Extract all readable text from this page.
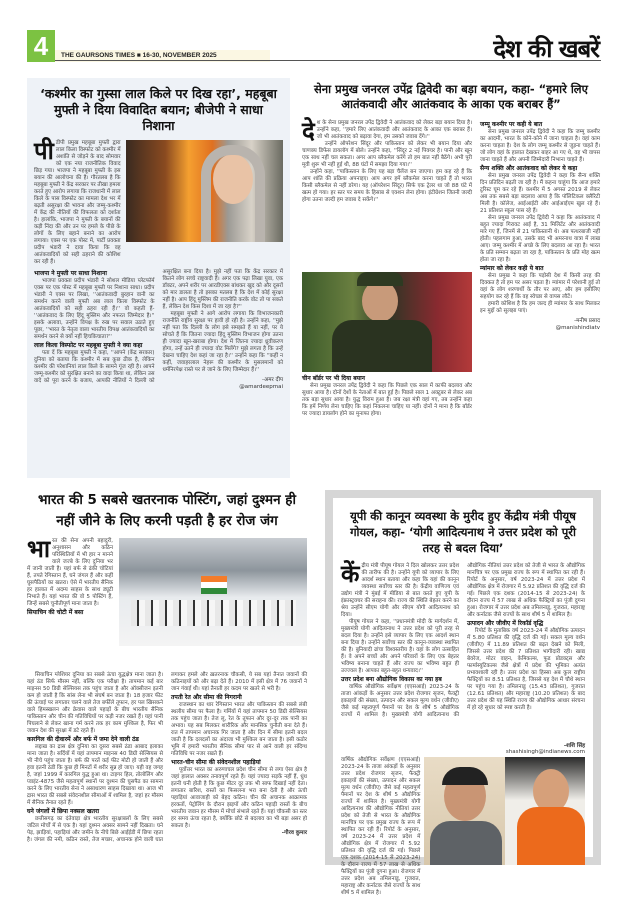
4	THE GAURSONS TIMES ■ 16-30, NOVEMBER 2025	देश की खबरें
‘कश्मीर का गुस्सा लाल किले पर दिख रहा’, महबूबा मुफ्ती ने दिया विवादित बयान; बीजेपी ने साधा निशाना
पीडीपी प्रमुख महबूबा मुफ्ती द्वारा लाल किला विस्फोट को कश्मीर में अशांति से जोड़ने के बाद सोमवार को एक नया राजनीतिक विवाद छिड़ गया। भाजपा ने महबूबा मुफ्ती के इस बयान की आलोचना की है। गौरतलब है कि महबूबा मुफ्ती ने केंद्र सरकार पर तीखा हमला करते हुए आरोप लगाया कि राजधानी में लाल किले के पास विस्फोट का मामला देश भर में बढ़ती असुरक्षा की भावना और जम्मू-कश्मीर में केंद्र की नीतियों की विफलता को दर्शाता है। हालांकि, भाजपा ने मुफ्ती के बयानों की कड़ी निंदा की और उन पर हमले के पीछे के लोगों के लिए बहाने बनाने का आरोप लगाया। एक्स पर एक पोस्ट में, पार्टी प्रवक्ता प्रदीप भंडारी ने दावा किया कि वह आतंकवादियों को सही ठहराने की कोशिश कर रही हैं।
भाजपा ने मुफ्ती पर साधा निशाना

भाजपा प्रवक्ता प्रदीप भंडारी ने सोशल मीडिया प्लेटफॉर्म एक्स पर एक पोस्ट में महबूबा मुफ्ती पर निशाना साधा। प्रदीप भंडारी ने एक्स पर लिखा, ''आतंकवादी बुरहान वानी का समर्थन करने वाली मुफ्ती अब लाल किला विस्फोट के आतंकवादियों को सही ठहरा रही हैं।'' वो कहती हैं- ''आतंकवाद के लिए हिंदू मुस्लिम और नफरत जिम्मेदार है।'' इसके अलावा, उन्होंने विपक्ष के रुख पर सवाल उठाते हुए पूछा, ''भारत के नेतृत्व वाला भारतीय विपक्ष आतंकवादियों का समर्थन करने से क्यों नहीं हिचकिचाता?''

लाल किला विस्फोट पर महबूबा मुफ्ती ने क्या कहा

पता दें कि महबूबा मुफ्ती ने कहा, ''आपने (केंद्र सरकार) दुनिया को बताया कि कश्मीर में सब कुछ ठीक है, लेकिन कश्मीर की परेशानियां लाल किले के सामने गूंज रही है। आपने जम्मू-कश्मीर को सुरक्षित बनाने का वादा किया था, लेकिन उस वादे को पूरा करने के बजाय, आपकी नीतियों ने दिल्ली को असुरक्षित बना दिया है। मुझे नहीं पता कि केंद्र सरकार में कितने लोग सच्चे राष्ट्रवादी हैं। अगर एक पढ़ा लिखा युवा, एक डॉक्टर, अपने शरीर पर आरडीएक्स बांधकर खुद को और दूसरों को मार डालता है तो इसका मतलब है कि देश में कोई सुरक्षा नहीं है। आप हिंदू मुस्लिम की राजनीति करके वोट तो पा सकते हैं, लेकिन देश किस दिशा में जा रहा है?''

महबूबा मुफ्ती ने आगे आरोप लगाया कि विभाजनकारी राजनीति राष्ट्रीय सुरक्षा पर हावी हो रही है। उन्होंने कहा, ''मुझे नहीं पता कि दिल्ली के लोग इसे समझते हैं या नहीं, पर ये सोचते हैं कि जितना ज्यादा हिंदू मुस्लिम विभाजन होगा उतना ही ज्यादा खून-खराबा होगा। देश में जितना ज्यादा ध्रुवीकरण होगा, उन्हें उतने ही ज्यादा वोट मिलेंगे? मुझे लगता है कि उन्हें देखना चाहिए देश कहां जा रहा है।'' उन्होंने कहा कि ''कहीं न कहीं, जवाहरलाल नेहरू की कश्मीर के मुसलमानों को धर्मनिरपेक्ष रास्ते पर ले जाने के लिए जिम्मेदार हैं।''

-अमर दीप
@amardeepmai
सेना प्रमुख जनरल उपेंद्र द्विवेदी का बड़ा बयान, कहा- “हमारे लिए आतंकवादी और आतंकवाद के आका एक बराबर हैं”
देश के सेना प्रमुख जनरल उपेंद्र द्विवेदी ने आतंकवाद को लेकर बड़ा बयान दिया है। उन्होंने कहा, ''हमारे लिए आतंकवादी और आतंकवाद के आका एक बराबर हैं। जो भी आतंकवाद को बढ़ावा देगा, हम उसको जवाब देंगे।''

उन्होंने ऑपरेशन सिंदूर और पाकिस्तान को लेकर भी बयान दिया और चाणक्य डिफेंस डायलॉग में बोले। उन्होंने कहा, ''सिंदूर 2 नई पिक्चर है। पानी और खून एक साथ नहीं चल सकता। अगर आप ब्लैकमेल करेंगे तो हम बात नहीं बैठेंगे। अभी पूरी मूवी शुरू भी नहीं हुई थी, 88 घंटों में समझा दिया गया।''

उन्होंने कहा, ''पाकिस्तान के लिए यह बड़ा चैलेंज बन जाएगा। हम कह रहे हैं कि आप शांति की प्रक्रिया अपनाइए। आप अगर हमें ब्लैकमेल करना चाहते हैं तो भारत किसी ब्लैकमेल से नहीं डरेगा। यह (ऑपरेशन सिंदूर) सिर्फ एक ट्रेलर था जो 88 घंटे में खत्म हो गया। हर स्तर पर समय के हिसाब से एक्शन लेना होगा। इंटीग्रेशन जितनी जल्दी होगा उतना जल्दी हम जवाब दे सकेंगे।''

चीन बॉर्डर पर भी दिया बयान

सेना प्रमुख जनरल उपेंद्र द्विवेदी ने कहा कि पिछले एक साल में काफी बदलाव और सुधार आया है। दोनों देशों के नेताओं में बात हुई है। पिछले साल 1 अक्टूबर से लेकर अब तक बड़ा सुधार आया है। युद्ध विराम हुआ है। जब रक्षा मंत्री वहां गए, तब उन्होंने कहा कि हमें निर्णय लेना चाहिए कि कहां निकलना चाहिए या नहीं। दोनों ने माना है कि बॉर्डर पर ज्यादा डायलॉग होने का मुनाफा होगा।

जम्मू कश्मीर पर कही ये बात

सेना प्रमुख जनरल उपेंद्र द्विवेदी ने कहा कि जम्मू कश्मीर का आदमी, भारत के कोने-कोने में जाना चाहता है। वहां काम करना चाहता है। देश के लोग जम्मू कश्मीर से जुड़ना चाहते हैं। जो लोग वहां के हालात देखकर बाहर आ गए थे, वह भी वापस जाना चाहते हैं और अपनी जिम्मेदारी निभाना चाहते हैं।

सैन्य शक्ति और आतंकवाद को लेकर ये कहा

सेना प्रमुख जनरल उपेंद्र द्विवेदी ने कहा कि सैन्य शक्ति दिन प्रतिदिन बढ़ती जा रही है। मैं कहना चाहूंगा कि आज हमारे टूरिस्ट घूम कर रहे हैं। कश्मीर में 5 अगस्त 2019 से लेकर अब तक सबसे बड़ा बदलाव आया है कि पॉलिटिकल क्लैरिटी मिली है। कॉलेज, आईआईटी और आईआईएम खुल रहे हैं। 21 प्रतिशत स्कूल पास रहे हैं।

सेना प्रमुख जनरल उपेंद्र द्विवेदी ने कहा कि आतंकवाद में बहुत ज्यादा गिरावट आई है, 31 मिलिटेंट और आतंकवादी मारे गए हैं, जिनमें से 21 पाकिस्तानी थे। अब पत्थरबाजी नहीं होती। पहलगाम हुआ, उसके बाद भी अमरनाथ यात्रा में लाख आए। जम्मू कश्मीर में अच्छे के लिए बदलाव आ रहा है। भारत के प्रति सम्मान बढ़ता जा रहा है, पाकिस्तान के प्रति मोह खत्म होता जा रहा है।

म्यांमार को लेकर कही ये बात

सेना प्रमुख ने कहा कि पड़ोसी देश में किसी तरह की दिक्कत है तो हम पर असर पड़ता है। म्यांमार में परेशानी हुई तो वहां के लोग शरणार्थी के तौर पर आए, और हम इसीलिए सहयोग कर रहे हैं कि वह स्वेच्छा से वापस लौटें।

हमारी कोशिश है कि हम जल्द ही म्यांमार के साथ मिलकर इन मुद्दों को सुलझा पाएं।

-मनीष प्रसाद
@manishindiatv
भारत की 5 सबसे खतरनाक पोस्टिंग, जहां दुश्मन ही नहीं जीने के लिए करनी पड़ती है हर रोज जंग
भारत की सेना अपनी बहादुरी, अनुशासन और कठिन परिस्थितियों में भी हार न मानने वाले जज्बे के लिए दुनिया भर में जानी जाती है। यहां बर्फ से ढंकी चोटियां हैं, तपते रेगिस्तान हैं, घने जंगल हैं और कहीं घुसपैठियों का खतरा। ऐसे में भारतीय सैनिक हर हालात में अदम्य साहस के साथ ड्यूटी निभाते हैं। यहां भारत की वो 5 पोस्टिंग हैं, जिन्हें सबसे चुनौतीपूर्ण माना जाता है।
सियाचिन की चोटी में बसा

सियाचिन ग्लेशियर दुनिया का सबसे ऊंचा युद्धक्षेत्र माना जाता है। यहां ठंड सिर्फ मौसम नहीं, बल्कि एक परीक्षा है। तापमान कई बार माइनस 50 डिग्री सेल्सियस तक पहुंच जाता है और ऑक्सीजन इतनी कम हो जाती है कि सांस लेना भी संघर्ष बन जाता है। 18 हजार फीट की ऊंचाई पर लगातार चलने वाले तेज बर्फीले तूफान, हर पल खिसकने वाले हिमस्खलन और क्रेवास वाले पहाड़ों के बीच भारतीय सैनिक पाकिस्तान और चीन की गतिविधियों पर कड़ी नजर रखते हैं। यहां पानी पिघलाने से लेकर खाना गर्म करने तक हर काम मुश्किल है, फिर भी जवान देश की सुरक्षा में डटे रहते हैं।

कारगिल की दीवारमें और बर्फ में जमा देने वाली ठंड

लद्दाख का द्रास क्षेत्र दुनिया का दूसरा सबसे ठंडा आबाद इलाका माना जाता है। सर्दियों में यहां तापमान माइनस 40 डिग्री सेल्सियस से भी नीचे पहुंच जाता है। बर्फ की परतें कई फीट मोटी हो जाती हैं और हवा इतनी ठंडी कि कुछ ही मिनटों में शरीर सुन्न हो जाए। यही वह जगह है, जहां 1999 में कारगिल युद्ध हुआ था। टाइगर हिल, तोलोलिंग और प्वाइंट-4875 जैसे महत्वपूर्ण स्थानों पर दुश्मन की घुसपैठ का सामना करने के लिए भारतीय सेना ने असाधारण साहस दिखाया था। आज भी द्रास भारत की सबसे संवेदनशील सीमाओं में शामिल है, जहां हर मौसम में सैनिक तैनात रहते हैं।

घने जंगलों में छिपा नक्सल खतरा

छत्तीसगढ़ का दंतेवाड़ा क्षेत्र भारतीय सुरक्षाबलों के लिए सबसे जटिल मोर्चों में से एक है। यहां दुश्मन अक्सर सामने नहीं दिखता। घने पेड़, झाड़ियां, पहाड़ियां और जमीन के नीचे बिछे आईईडी में छिपा रहता है। जंगल की नमी, कठिन रास्ते, तेज मच्छर, अचानक होने वाली घात लगाकर हमले और ख़तरनाक चौकसी, ये सब यहां तैनात जवानों की कठिनाइयों को और बढ़ा देते हैं। 2010 में इसी क्षेत्र में 76 जवानों ने जान गंवाई थी। यहां तैनाती हर कदम पर खतरे से भरी है।

तपती रेत और सीमा की निगरानी

राजस्थान का थार रेगिस्तान भारत और पाकिस्तान की सबसे लंबी स्थलीय सीमा पर फैला है। गर्मियों में यहां तापमान 50 डिग्री सेल्सियस तक पहुंच जाता है। तेज लू, रेत के तूफान और दूर-दूर तक पानी का अभाव। यह सब मिलकर शारीरिक और मानसिक चुनौती बना देते हैं। रात में तापमान अचानक गिर जाता है और दिन में सीमा इतनी बदल जाती है कि दलदलों का अंदाजा भी मुश्किल बन जाता है। इसी कठोर भूमि में हमारी भारतीय सैनिक सीमा पार से आने वाली हर संदिग्ध गतिविधि पर नजर रखते हैं।

भारत-चीन सीमा की संवेदनशील पहाड़ियां

पूर्वोत्तर भारत का अरुणाचल प्रदेश चीन सीमा से लगा ऐसा क्षेत्र है जहां हालात अक्सर तनावपूर्ण रहते हैं। यहां ज्यादा सड़कें नहीं हैं, धुंध इतनी घनी होती है कि कुछ मीटर दूर तक भी साफ दिखाई नहीं देता। लगातार बारिश, रास्तों का फिसलना भरा बना देती है और ऊंची पहाड़ियां आवाजाही को बेहद कठिन। चीन की अचानक आक्रामक हरकतों, पेट्रोलिंग के दौरान झड़पों और कठिन पहाड़ी रास्तों के बीच भारतीय जवान हर मौसम में मोर्चा संभाले रहते हैं। यहां चौकसी का स्तर हर समय ऊंचा रहता है, क्योंकि छोटे से बदलाव का भी बड़ा असर हो सकता है।

-गौरव कुमार
यूपी की कानून व्यवस्था के मुरीद हुए केंद्रीय मंत्री पीयूष गोयल, कहा- ‘योगी आदित्यनाथ ने उत्तर प्रदेश को पूरी तरह से बदल दिया’
केंद्रीय मंत्री पीयूष गोयल ने दिल खोलकर उत्तर प्रदेश की तारीफ की है। उन्होंने यूपी को व्यापार के लिए आदर्श स्थान बताया और कहा कि यहां की कानून व्यवस्था सर्वोच्च स्तर की है। केंद्रीय वाणिज्य एवं उद्योग मंत्री ने मुंबई में मीडिया से बात करते हुए यूपी के इंफ्रास्ट्रक्चर की सराहना की। राज्य की स्थिति बेहतर करने का श्रेय उन्होंने सीएम योगी और सीएम योगी आदित्यनाथ को दिया।

पीयूष गोयल ने कहा, ''प्रधानमंत्री मोदी के मार्गदर्शन में, मुख्यमंत्री योगी आदित्यनाथ ने उत्तर प्रदेश को पूरी तरह से बदल दिया है। उन्होंने इसे व्यापार के लिए एक आदर्श स्थान बना दिया है। उन्होंने सर्वोच्च स्तर की कानून-व्यवस्था स्थापित की है। बुनियादी ढांचा विश्वस्तरीय है। वहां के लोग उत्साहित हैं। वे अपने बच्चों और अपने परिवारों के लिए एक बेहतर भविष्य बनाना चाहते हैं और राज्य का भविष्य बहुत ही उज्ज्वल है। आपका बहुत-बहुत धन्यवाद।''

उत्तर प्रदेश बना औद्योगिक विकास का नया हब

वार्षिक औद्योगिक सर्वेक्षण (एएसआई) 2023-24 के ताजा आंकड़ों के अनुसार उत्तर प्रदेश रोजगार सृजन, फैक्ट्री इकाइयों की संख्या, उत्पादन और सकल मूल्य वर्धन (जीवीए) जैसे कई महत्वपूर्ण पैमानों पर देश के शीर्ष 5 औद्योगिक राज्यों में शामिल है। मुख्यमंत्री योगी आदित्यनाथ की औद्योगिक नीतियां उत्तर प्रदेश को तेजी से भारत के औद्योगिक मानचित्र पर एक प्रमुख राज्य के रूप में स्थापित कर रही हैं। रिपोर्ट के अनुसार, वर्ष 2023-24 में उत्तर प्रदेश में औद्योगिक क्षेत्र में रोजगार में 5.92 प्रतिशत की वृद्धि दर्ज की गई। पिछले एक दशक (2014-15 से 2023-24) के दौरान राज्य में 57 लाख से अधिक फैक्ट्रियों का पूंजी दुगना हुआ। रोजगार में उत्तर प्रदेश अब तमिलनाडु, गुजरात, महाराष्ट्र और कर्नाटक जैसे राज्यों के साथ शीर्ष 5 में शामिल है।

उत्पादन और जीवीए में रिकॉर्ड वृद्धि

रिपोर्ट के मुताबिक वर्ष 2023-24 में औद्योगिक उत्पादन में 5.80 प्रतिशत की वृद्धि दर्ज की गई। सकल मूल्य वर्धन (जीवीए) में 11.89 प्रतिशत की बढ़त देखने को मिली, जिससे उत्तर प्रदेश की 7 प्रतिशत भागीदारी रही। खाद्य बेवरेज, मोटर वाहन, केमिकल्स, फूड प्रोडक्ट्स और फार्मास्युटिकल्स जैसे क्षेत्रों में प्रदेश की भूमिका अत्यंत प्रभावशाली रही है। उत्तर प्रदेश का हिस्सा अब कुल राष्ट्रीय फैक्ट्रियों का 8.51 प्रतिशत है, जिससे यह देश में चौथे स्थान पर पहुंच गया है। तमिलनाडु (15.43 प्रतिशत), गुजरात (12.61 प्रतिशत) और महाराष्ट्र (10.20 प्रतिशत) के बाद उत्तर प्रदेश की यह स्थिति राज्य की औद्योगिक आधार संरचना में हो रहे सुधार को स्पष्ट करती है।

-शशि सिंह
shashisingh@indianews.com

वार्षिक औद्योगिक सर्वेक्षण (एएसआई) 2023-24 के ताजा आंकड़ों के अनुसार उत्तर प्रदेश रोजगार सृजन, फैक्ट्री इकाइयों की संख्या, उत्पादन और सकल मूल्य वर्धन (जीवीए) जैसे कई महत्वपूर्ण पैमानों पर देश के शीर्ष 5 औद्योगिक राज्यों में शामिल है। मुख्यमंत्री योगी आदित्यनाथ की औद्योगिक नीतियां उत्तर प्रदेश को तेजी से भारत के औद्योगिक मानचित्र पर एक प्रमुख राज्य के रूप में स्थापित कर रही हैं। रिपोर्ट के अनुसार, वर्ष 2023-24 में उत्तर प्रदेश में औद्योगिक क्षेत्र में रोजगार में 5.92 प्रतिशत की वृद्धि दर्ज की गई। पिछले एक दशक (2014-15 से 2023-24) के दौरान राज्य में 57 लाख से अधिक फैक्ट्रियों का पूंजी दुगना हुआ। रोजगार में उत्तर प्रदेश अब तमिलनाडु, गुजरात, महाराष्ट्र और कर्नाटक जैसे राज्यों के साथ शीर्ष 5 में शामिल है।
